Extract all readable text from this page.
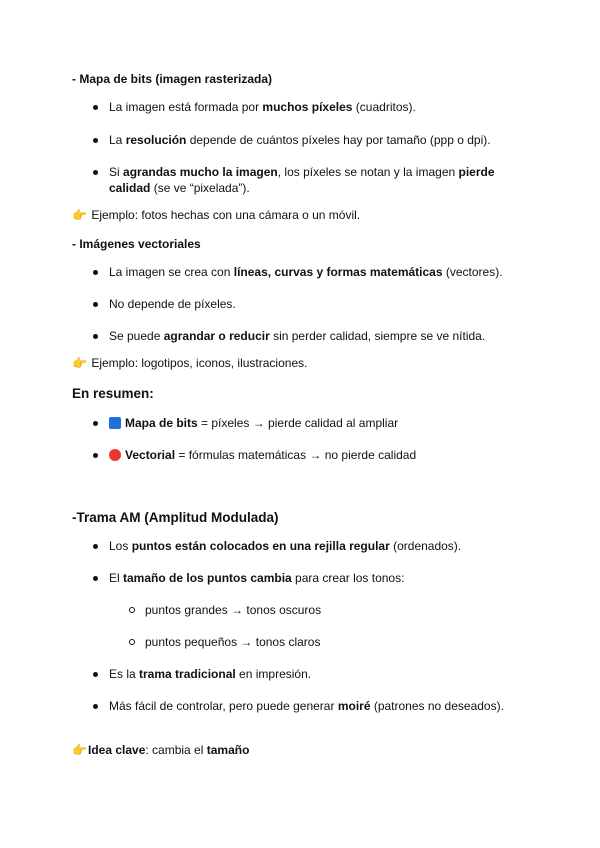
- Mapa de bits (imagen rasterizada)
La imagen está formada por muchos píxeles (cuadritos).
La resolución depende de cuántos píxeles hay por tamaño (ppp o dpi).
Si agrandas mucho la imagen, los píxeles se notan y la imagen pierde
calidad (se ve “pixelada”).
👉 Ejemplo: fotos hechas con una cámara o un móvil.
- Imágenes vectoriales
La imagen se crea con líneas, curvas y formas matemáticas (vectores).
No depende de píxeles.
Se puede agrandar o reducir sin perder calidad, siempre se ve nítida.
👉 Ejemplo: logotipos, iconos, ilustraciones.
En resumen:
Mapa de bits = píxeles → pierde calidad al ampliar
Vectorial = fórmulas matemáticas → no pierde calidad
-Trama AM (Amplitud Modulada)
Los puntos están colocados en una rejilla regular (ordenados).
El tamaño de los puntos cambia para crear los tonos:
puntos grandes → tonos oscuros
puntos pequeños → tonos claros
Es la trama tradicional en impresión.
Más fácil de controlar, pero puede generar moiré (patrones no deseados).
👉Idea clave: cambia el tamaño
